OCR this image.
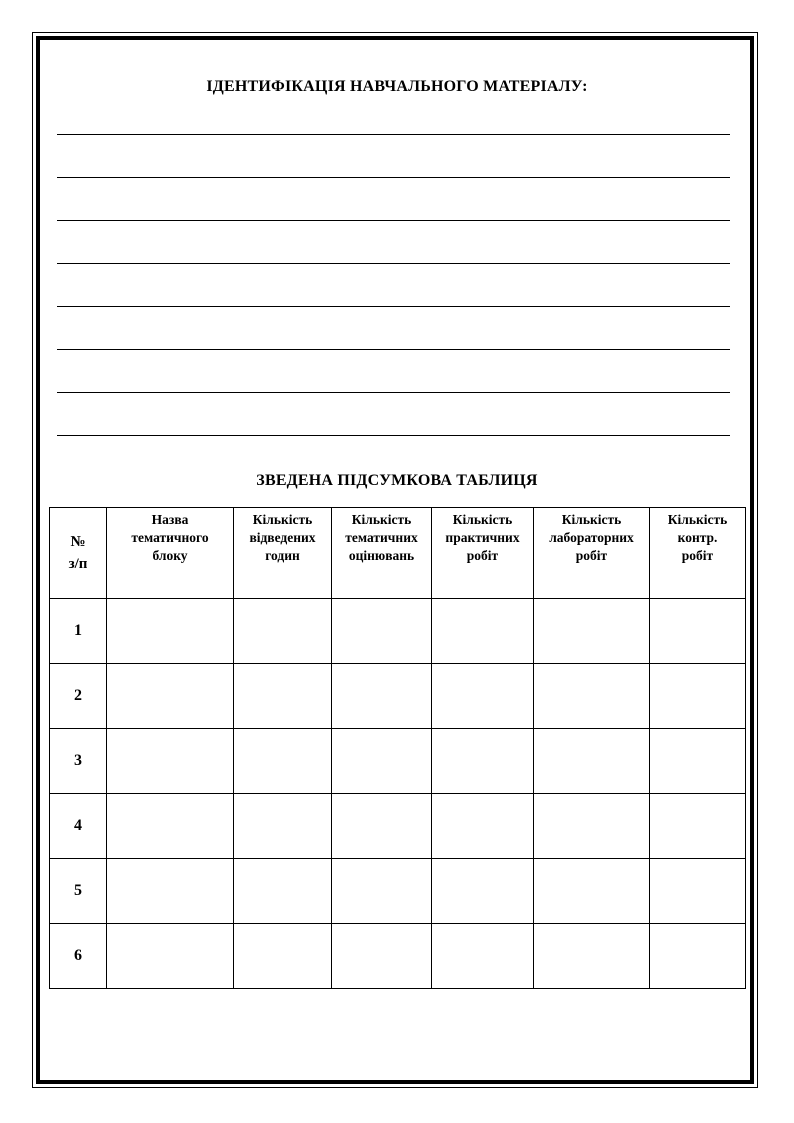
ІДЕНТИФІКАЦІЯ НАВЧАЛЬНОГО МАТЕРІАЛУ:
ЗВЕДЕНА ПІДСУМКОВА ТАБЛИЦЯ
№
з/п	Назва
тематичного
блоку	Кількість
відведених
годин	Кількість
тематичних
оцінювань	Кількість
практичних
робіт	Кількість
лабораторних
робіт	Кількість
контр.
робіт
1						
2						
3						
4						
5						
6						
